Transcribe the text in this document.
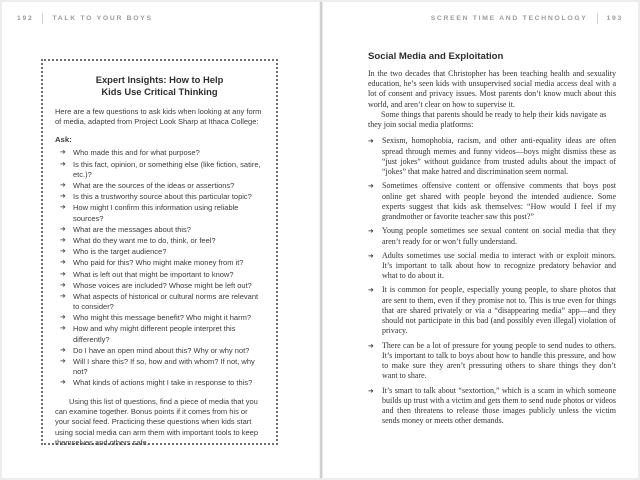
192	TALK TO YOUR BOYS
Expert Insights: How to Help
Kids Use Critical Thinking

Here are a few questions to ask kids when looking at any form of media, adapted from Project Look Sharp at Ithaca College:

Ask:

➔ Who made this and for what purpose?
➔ Is this fact, opinion, or something else (like fiction, satire, etc.)?
➔ What are the sources of the ideas or assertions?
➔ Is this a trustworthy source about this particular topic?
➔ How might I confirm this information using reliable sources?
➔ What are the messages about this?
➔ What do they want me to do, think, or feel?
➔ Who is the target audience?
➔ Who paid for this? Who might make money from it?
➔ What is left out that might be important to know?
➔ Whose voices are included? Whose might be left out?
➔ What aspects of historical or cultural norms are relevant to consider?
➔ Who might this message benefit? Who might it harm?
➔ How and why might different people interpret this differently?
➔ Do I have an open mind about this? Why or why not?
➔ Will I share this? If so, how and with whom? If not, why not?
➔ What kinds of actions might I take in response to this?

Using this list of questions, find a piece of media that you can examine together. Bonus points if it comes from his or your social feed. Practicing these questions when kids start using social media can arm them with important tools to keep themselves and others safe.

SCREEN TIME AND TECHNOLOGY	193
Social Media and Exploitation

In the two decades that Christopher has been teaching health and sexuality education, he’s seen kids with unsupervised social media access deal with a lot of consent and privacy issues. Most parents don’t know much about this world, and aren’t clear on how to supervise it.

Some things that parents should be ready to help their kids navigate as they join social media platforms:

➔	Sexism, homophobia, racism, and other anti-equality ideas are often spread through memes and funny videos—boys might dismiss these as “just jokes” without guidance from trusted adults about the impact of “jokes” that make hatred and discrimination seem normal.
➔	Sometimes offensive content or offensive comments that boys post online get shared with people beyond the intended audience. Some experts suggest that kids ask themselves: “How would I feel if my grandmother or favorite teacher saw this post?”
➔	Young people sometimes see sexual content on social media that they aren’t ready for or won’t fully understand.
➔	Adults sometimes use social media to interact with or exploit minors. It’s important to talk about how to recognize predatory behavior and what to do about it.
➔	It is common for people, especially young people, to share photos that are sent to them, even if they promise not to. This is true even for things that are shared privately or via a “disappearing media” app—and they should not participate in this bad (and possibly even illegal) violation of privacy.
➔	There can be a lot of pressure for young people to send nudes to others. It’s important to talk to boys about how to handle this pressure, and how to make sure they aren’t pressuring others to share things they don’t want to share.
➔	It’s smart to talk about “sextortion,” which is a scam in which someone builds up trust with a victim and gets them to send nude photos or videos and then threatens to release those images publicly unless the victim sends money or meets other demands.
